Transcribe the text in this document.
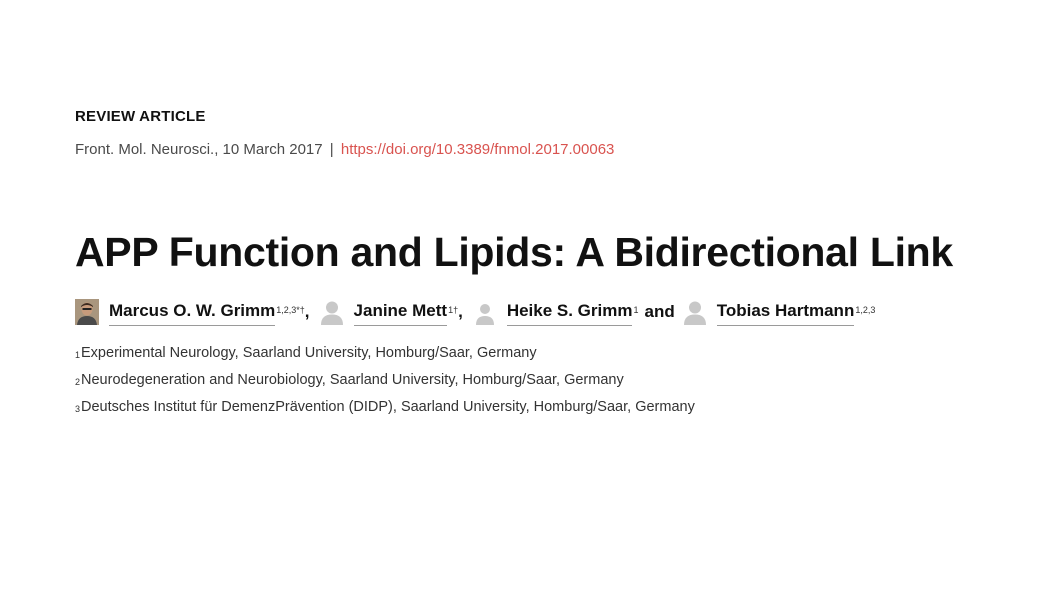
REVIEW ARTICLE
Front. Mol. Neurosci., 10 March 2017 | https://doi.org/10.3389/fnmol.2017.00063
APP Function and Lipids: A Bidirectional Link
Marcus O. W. Grimm$^{1,2,3*\dagger}$ ,	Janine Mett$^{1\dagger}$ ,	Heike S. Grimm$^1$ and Tobias Hartmann$^{1,2,3}$
$^1$Experimental Neurology, Saarland University, Homburg/Saar, Germany
$^2$Neurodegeneration and Neurobiology, Saarland University, Homburg/Saar, Germany
$^3$Deutsches Institut für DemenzPrävention (DIDP), Saarland University, Homburg/Saar, Germany
